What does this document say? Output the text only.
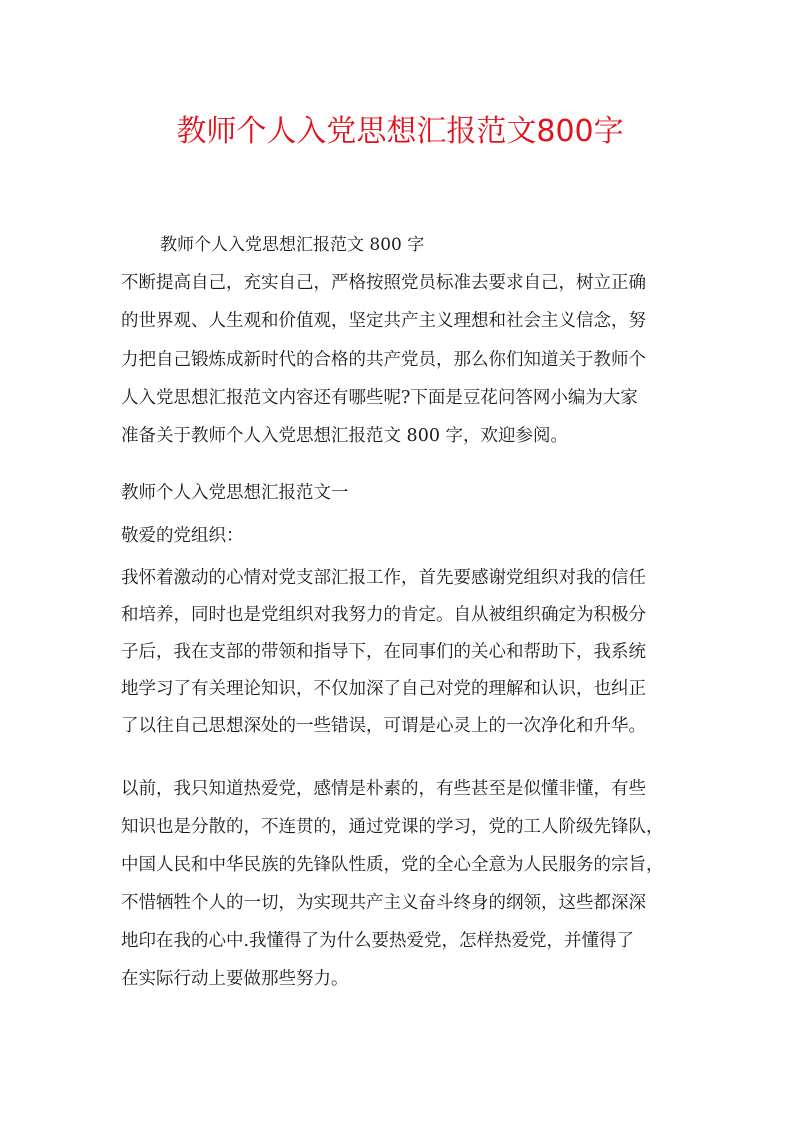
教师个人入党思想汇报范文800字
教师个人入党思想汇报范文 800 字
不断提高自己，充实自己，严格按照党员标准去要求自己，树立正确
的世界观、人生观和价值观，坚定共产主义理想和社会主义信念，努
力把自己锻炼成新时代的合格的共产党员，那么你们知道关于教师个
人入党思想汇报范文内容还有哪些呢?下面是豆花问答网小编为大家
准备关于教师个人入党思想汇报范文 800 字，欢迎参阅。
教师个人入党思想汇报范文一
敬爱的党组织：
我怀着激动的心情对党支部汇报工作，首先要感谢党组织对我的信任
和培养，同时也是党组织对我努力的肯定。自从被组织确定为积极分
子后，我在支部的带领和指导下，在同事们的关心和帮助下，我系统
地学习了有关理论知识，不仅加深了自己对党的理解和认识，也纠正
了以往自己思想深处的一些错误，可谓是心灵上的一次净化和升华。
以前，我只知道热爱党，感情是朴素的，有些甚至是似懂非懂，有些
知识也是分散的，不连贯的，通过党课的学习，党的工人阶级先锋队，
中国人民和中华民族的先锋队性质，党的全心全意为人民服务的宗旨，
不惜牺牲个人的一切，为实现共产主义奋斗终身的纲领，这些都深深
地印在我的心中.我懂得了为什么要热爱党，怎样热爱党，并懂得了
在实际行动上要做那些努力。
